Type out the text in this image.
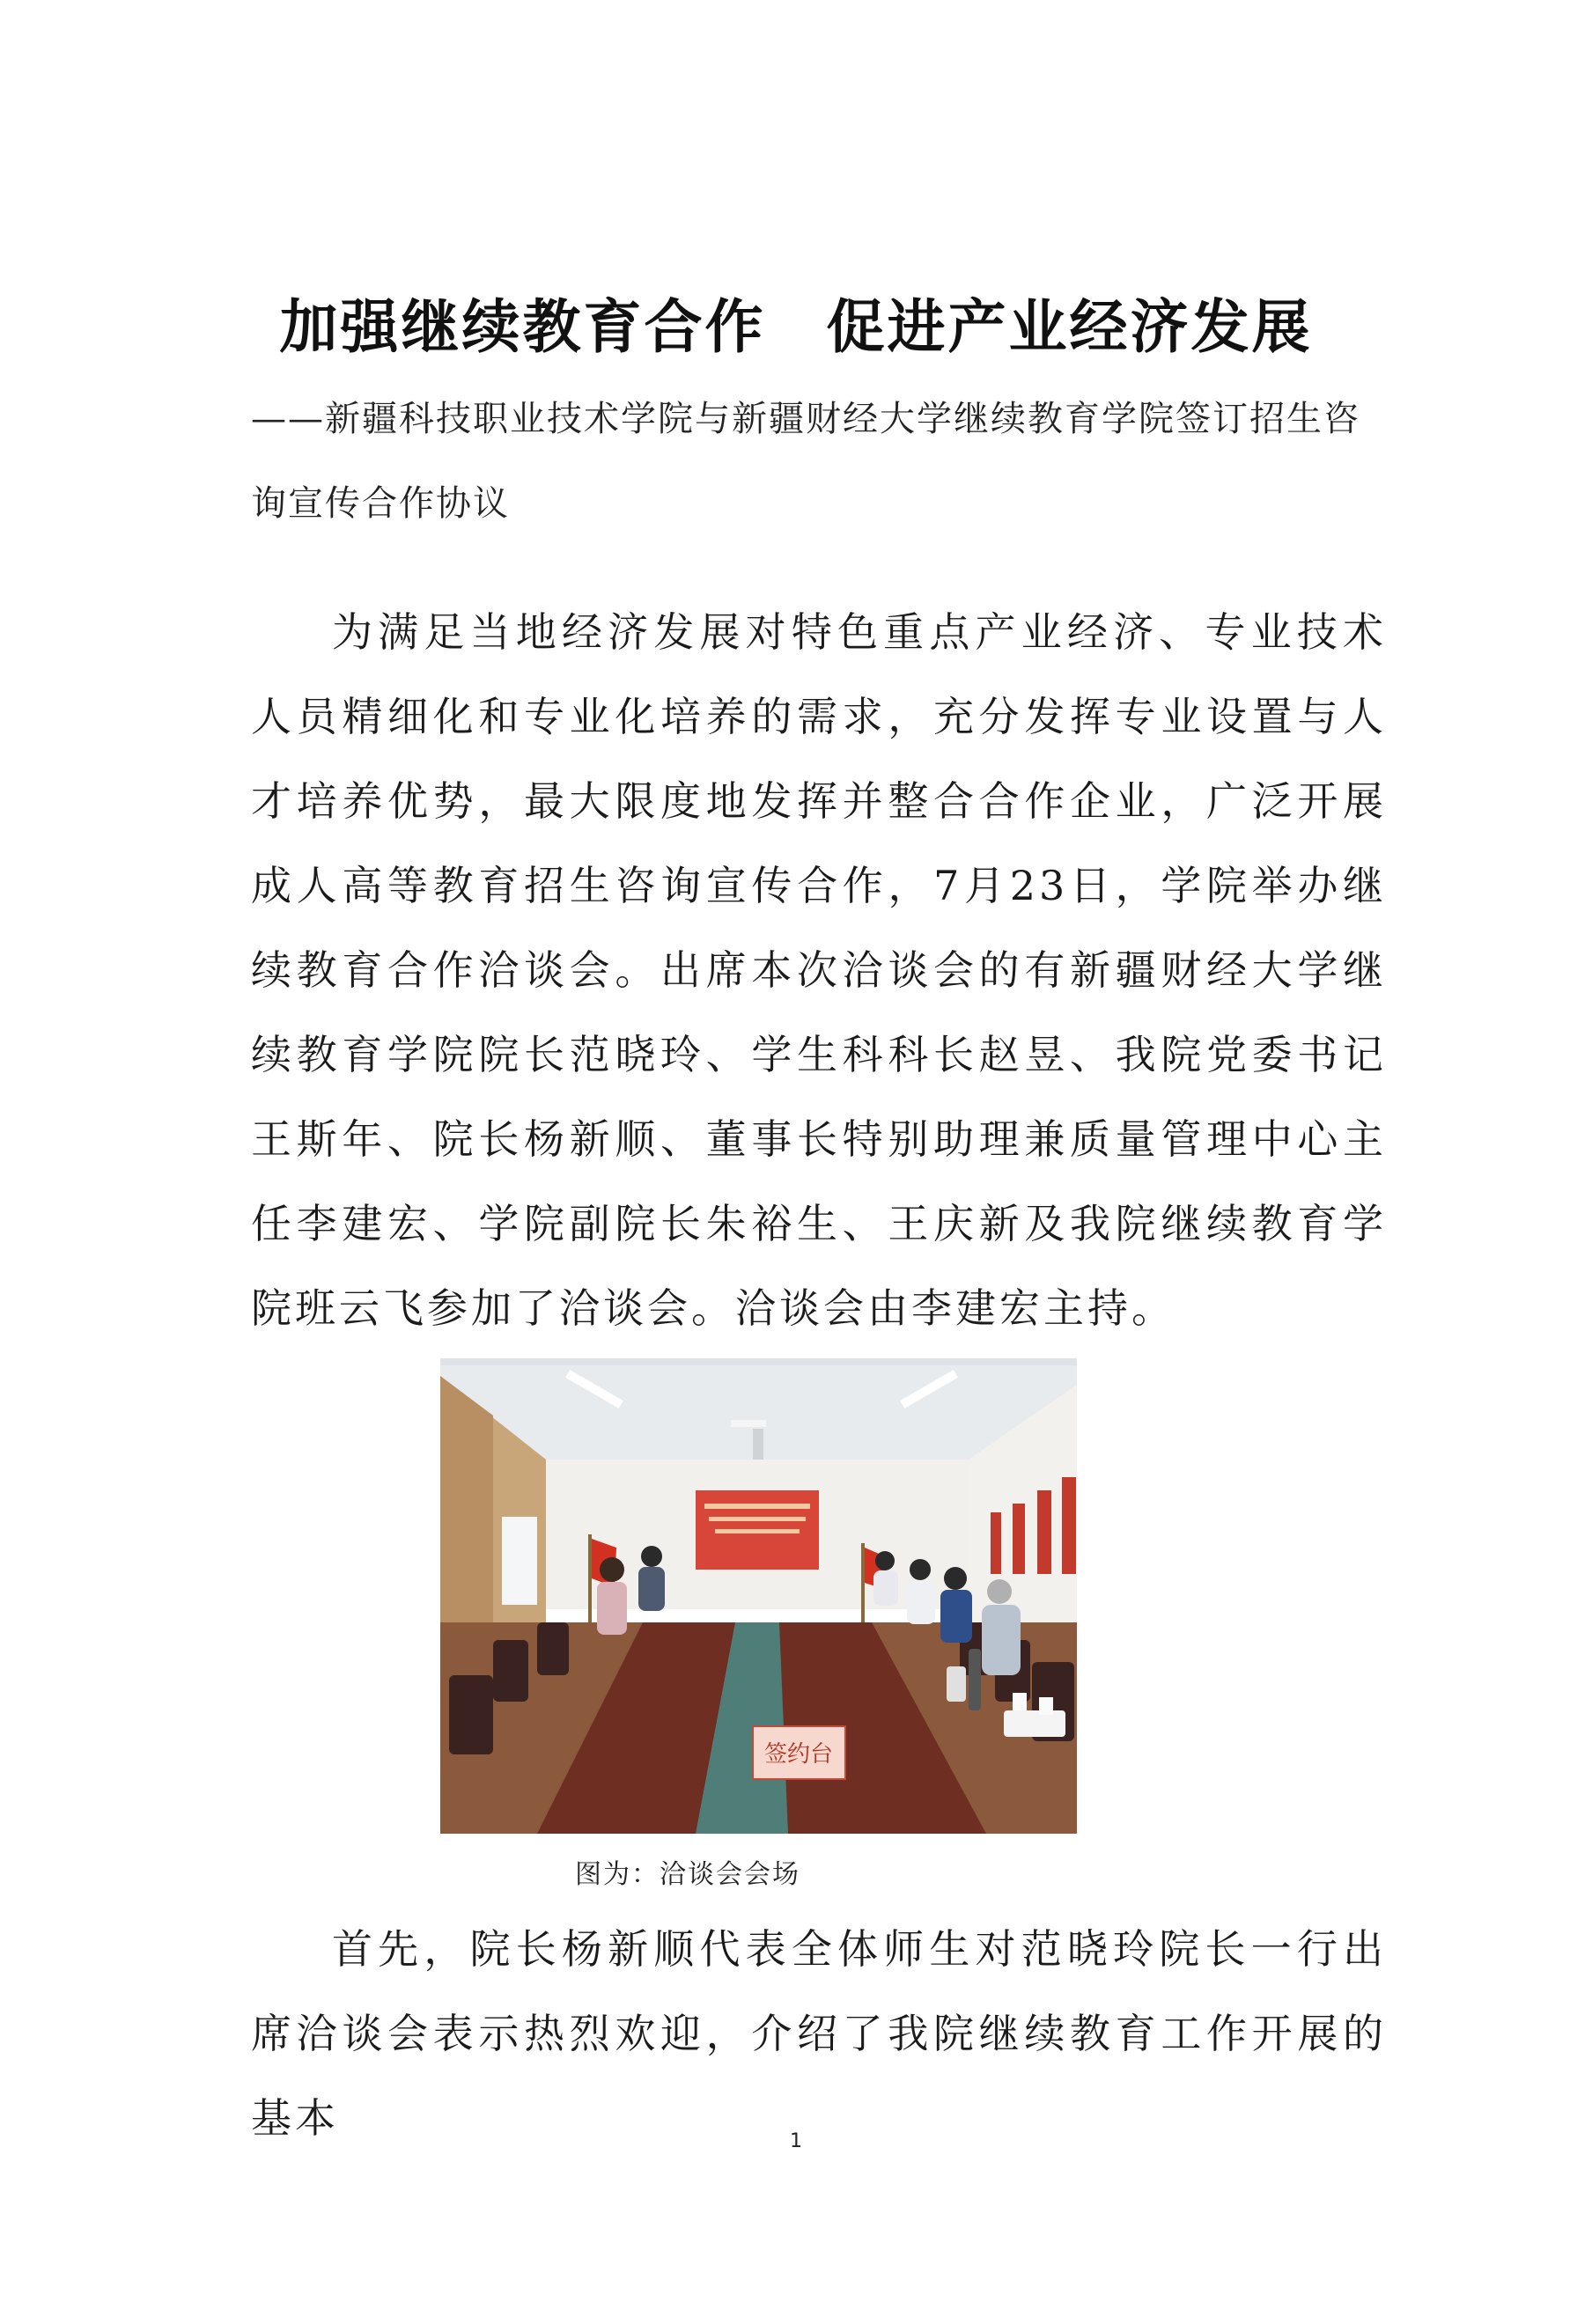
加强继续教育合作　促进产业经济发展
——新疆科技职业技术学院与新疆财经大学继续教育学院签订招生咨询宣传合作协议

为满足当地经济发展对特色重点产业经济、专业技术人员精细化和专业化培养的需求，充分发挥专业设置与人才培养优势，最大限度地发挥并整合合作企业，广泛开展成人高等教育招生咨询宣传合作，7月23日，学院举办继续教育合作洽谈会。出席本次洽谈会的有新疆财经大学继续教育学院院长范晓玲、学生科科长赵昱、我院党委书记王斯年、院长杨新顺、董事长特别助理兼质量管理中心主任李建宏、学院副院长朱裕生、王庆新及我院继续教育学院班云飞参加了洽谈会。洽谈会由李建宏主持。

签约台
图为：洽谈会会场

首先，院长杨新顺代表全体师生对范晓玲院长一行出席洽谈会表示热烈欢迎，介绍了我院继续教育工作开展的基本	1
